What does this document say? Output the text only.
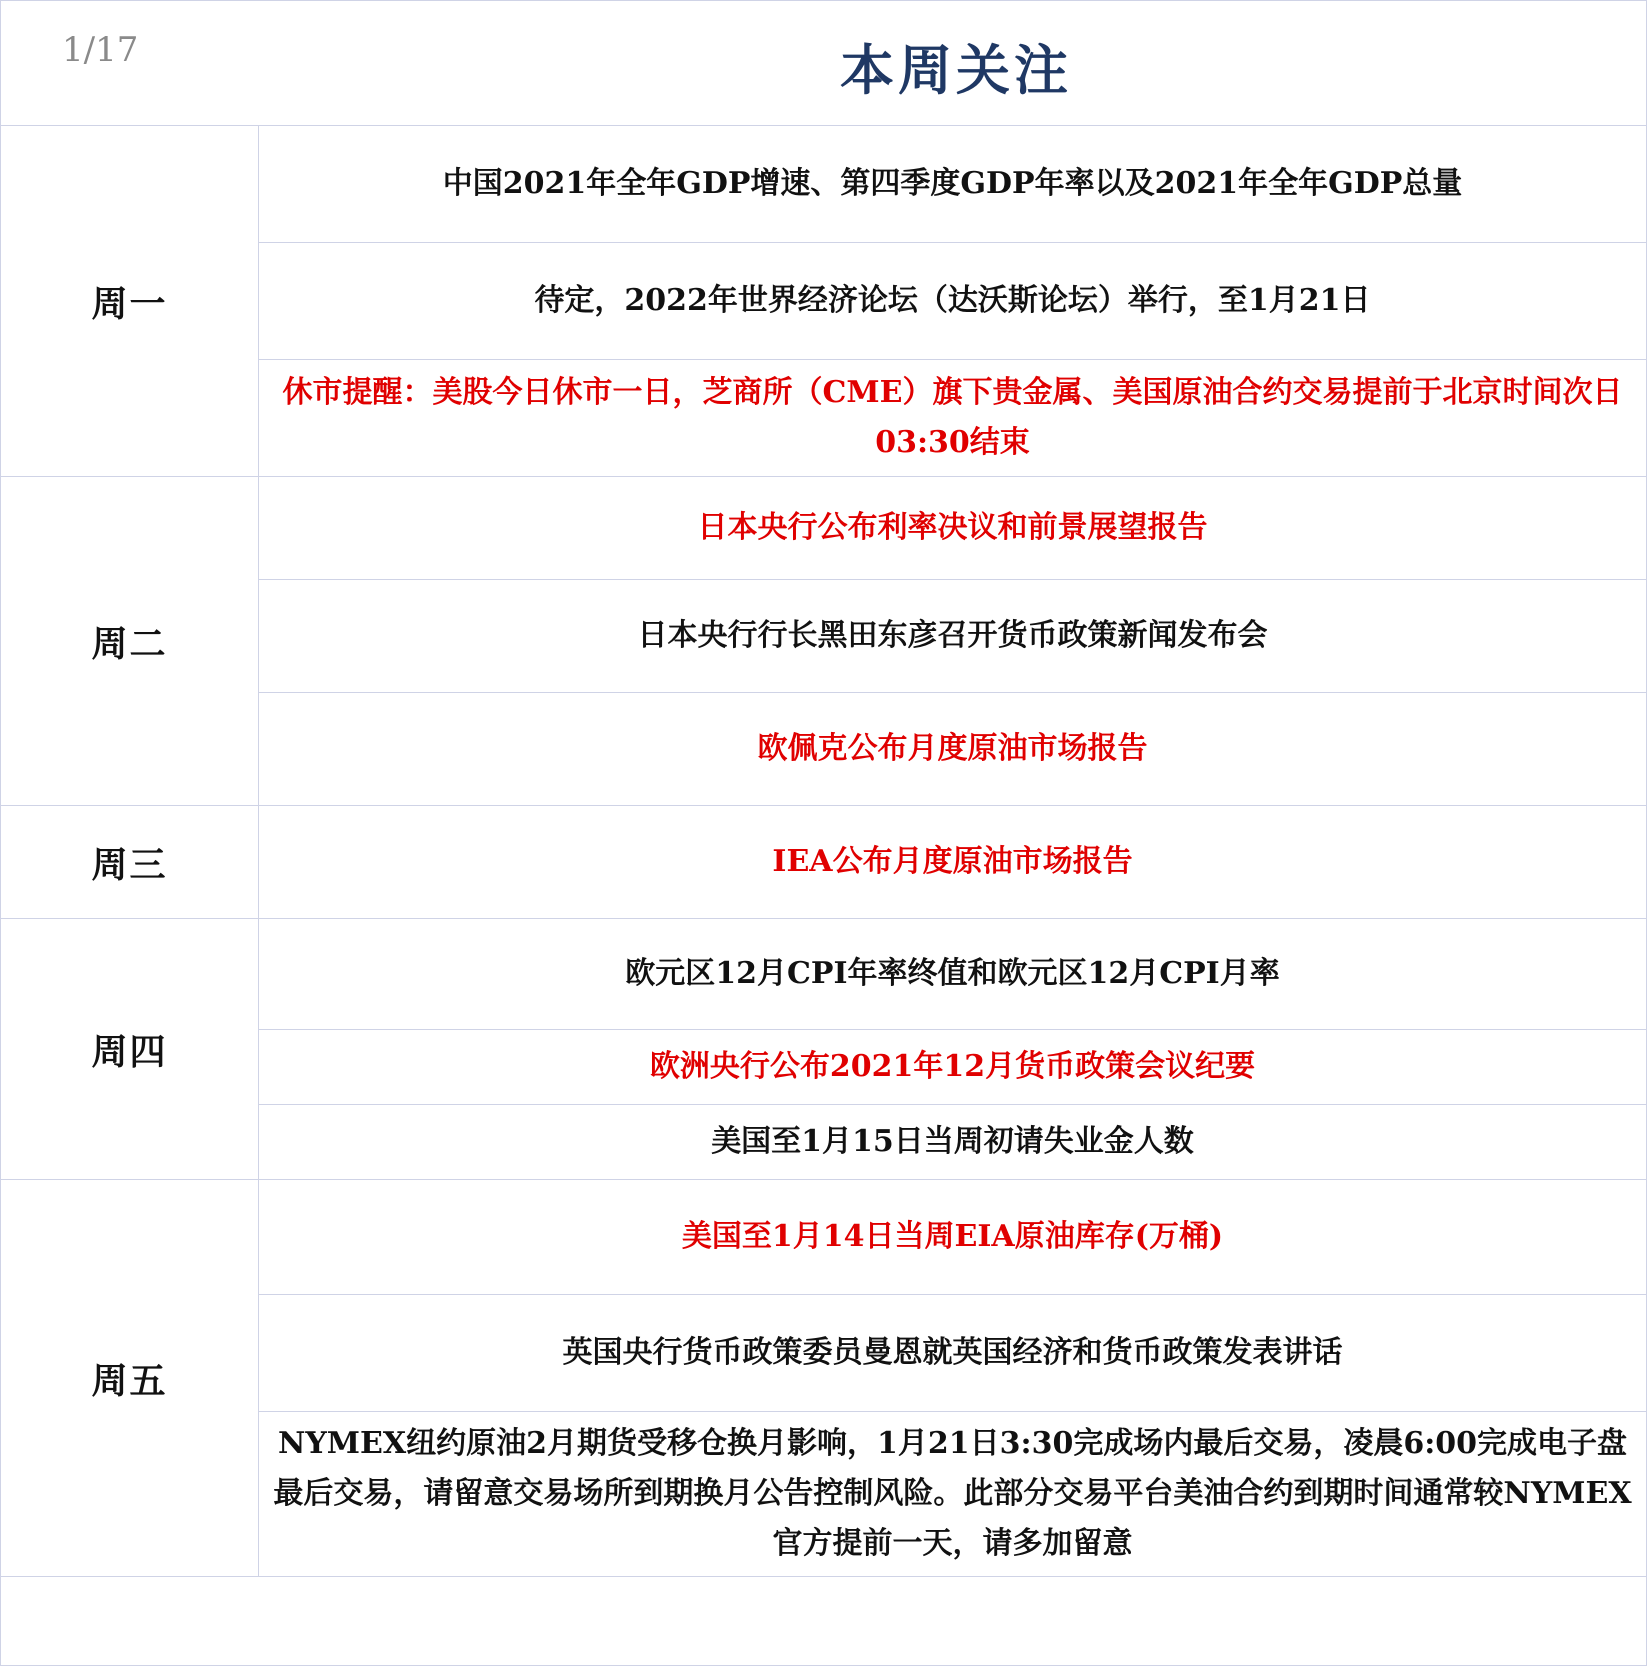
1/17	本周关注
周一	中国2021年全年GDP增速、第四季度GDP年率以及2021年全年GDP总量
	待定，2022年世界经济论坛（达沃斯论坛）举行，至1月21日
	休市提醒：美股今日休市一日，芝商所（CME）旗下贵金属、美国原油合约交易提前于北京时间次日03:30结束
周二	日本央行公布利率决议和前景展望报告
	日本央行行长黑田东彦召开货币政策新闻发布会
	欧佩克公布月度原油市场报告
周三	IEA公布月度原油市场报告
周四	欧元区12月CPI年率终值和欧元区12月CPI月率
	欧洲央行公布2021年12月货币政策会议纪要
	美国至1月15日当周初请失业金人数
周五	美国至1月14日当周EIA原油库存(万桶)
	英国央行货币政策委员曼恩就英国经济和货币政策发表讲话
	NYMEX纽约原油2月期货受移仓换月影响，1月21日3:30完成场内最后交易，凌晨6:00完成电子盘最后交易，请留意交易场所到期换月公告控制风险。此部分交易平台美油合约到期时间通常较NYMEX官方提前一天，请多加留意
